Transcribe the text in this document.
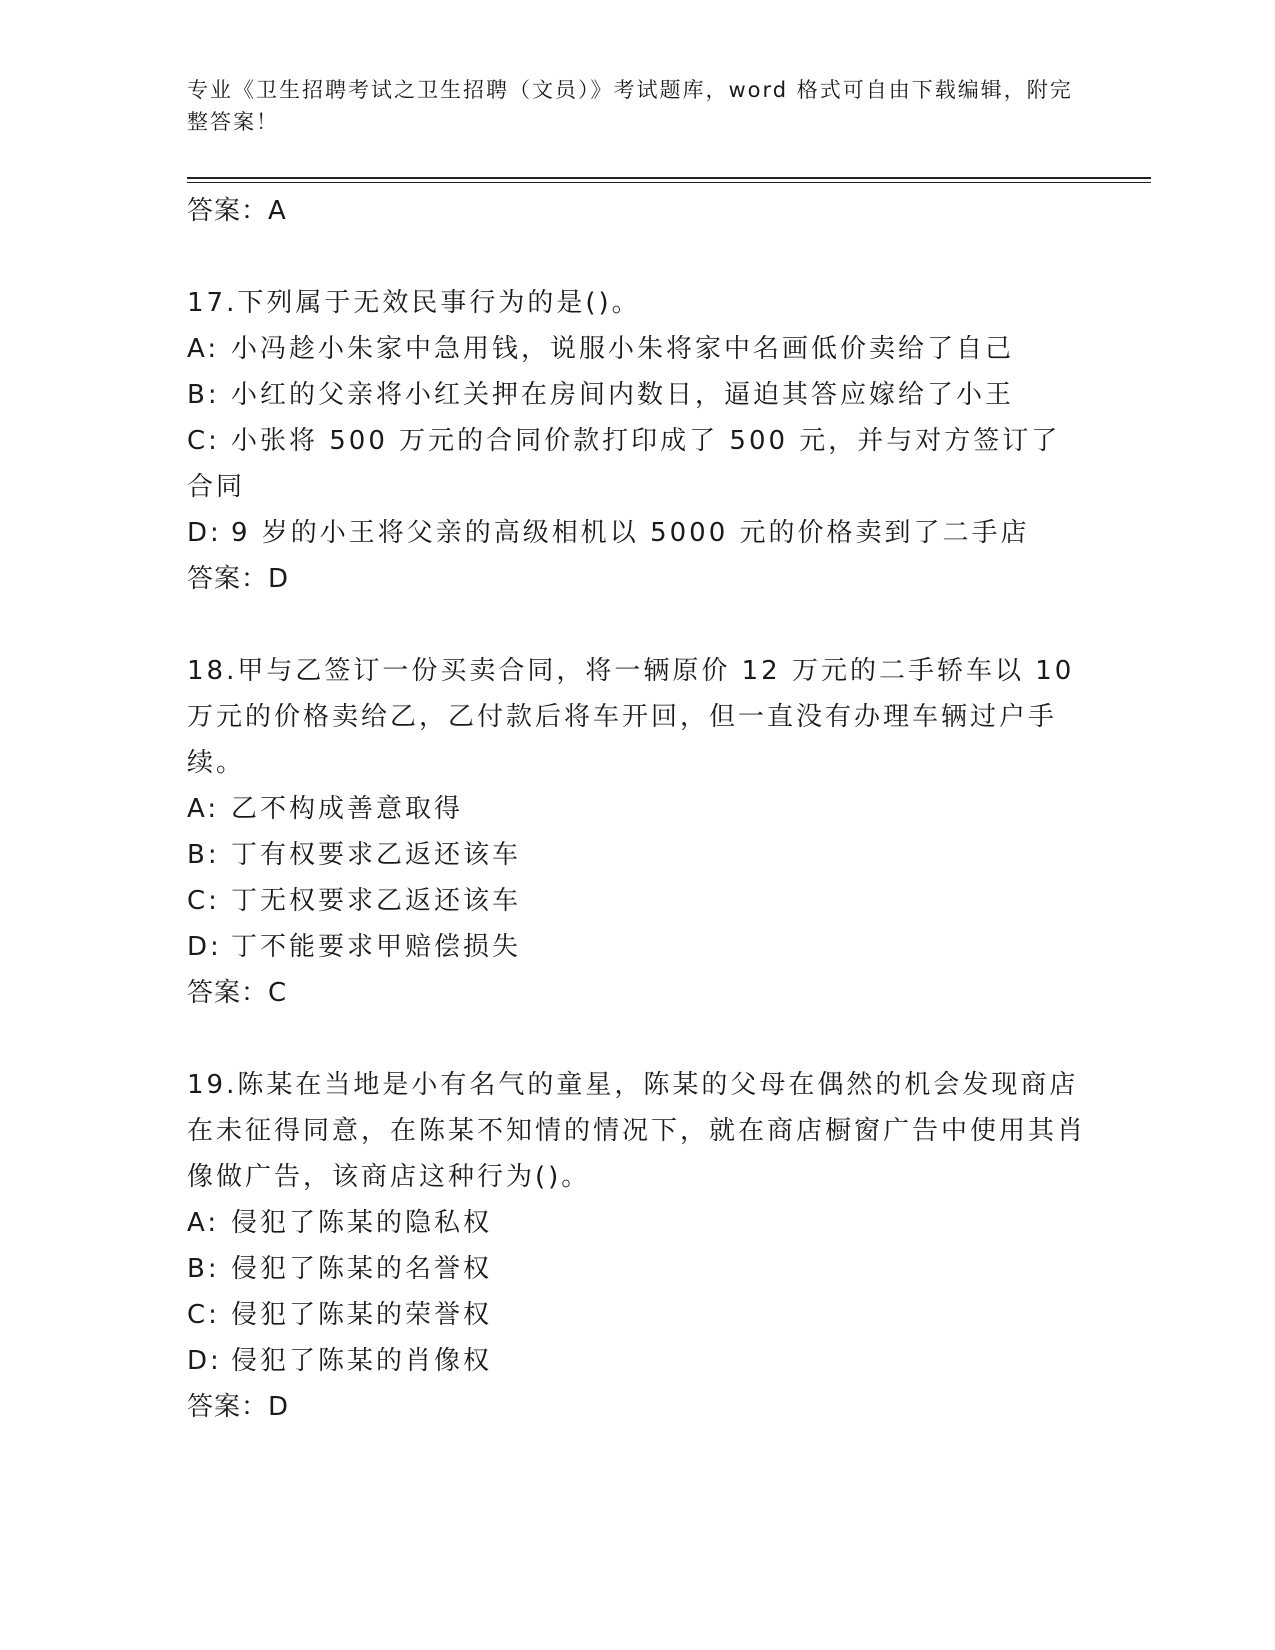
专业《卫生招聘考试之卫生招聘（文员）》考试题库，word 格式可自由下载编辑，附完整答案！

答案：A

17.下列属于无效民事行为的是()。

A: 小冯趁小朱家中急用钱，说服小朱将家中名画低价卖给了自己

B: 小红的父亲将小红关押在房间内数日，逼迫其答应嫁给了小王

C: 小张将 500 万元的合同价款打印成了 500 元，并与对方签订了合同

D: 9 岁的小王将父亲的高级相机以 5000 元的价格卖到了二手店

答案：D

18.甲与乙签订一份买卖合同，将一辆原价 12 万元的二手轿车以 10 万元的价格卖给乙，乙付款后将车开回，但一直没有办理车辆过户手续。

A: 乙不构成善意取得

B: 丁有权要求乙返还该车

C: 丁无权要求乙返还该车

D: 丁不能要求甲赔偿损失

答案：C

19.陈某在当地是小有名气的童星，陈某的父母在偶然的机会发现商店在未征得同意，在陈某不知情的情况下，就在商店橱窗广告中使用其肖像做广告，该商店这种行为()。

A: 侵犯了陈某的隐私权

B: 侵犯了陈某的名誉权

C: 侵犯了陈某的荣誉权

D: 侵犯了陈某的肖像权

答案：D
